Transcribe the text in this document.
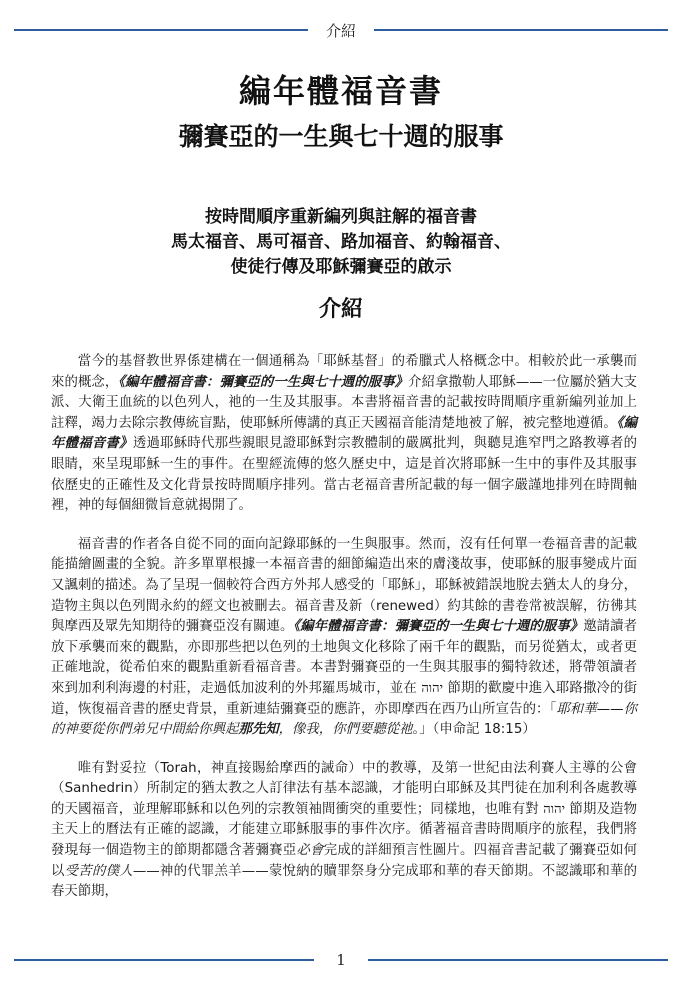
介紹
編年體福音書
彌賽亞的一生與七十週的服事
按時間順序重新編列與註解的福音書
馬太福音、馬可福音、路加福音、約翰福音、
使徒行傳及耶穌彌賽亞的啟示
介紹

當今的基督教世界係建構在一個通稱為「耶穌基督」的希臘式人格概念中。相較於此一承襲而來的概念，《編年體福音書：彌賽亞的一生與七十週的服事》介紹拿撒勒人耶穌——一位屬於猶大支派、大衛王血統的以色列人，祂的一生及其服事。本書將福音書的記載按時間順序重新編列並加上註釋，竭力去除宗教傳統盲點，使耶穌所傳講的真正天國福音能清楚地被了解，被完整地遵循。《編年體福音書》透過耶穌時代那些親眼見證耶穌對宗教體制的嚴厲批判，與聽見進窄門之路教導者的眼睛，來呈現耶穌一生的事件。在聖經流傳的悠久歷史中，這是首次將耶穌一生中的事件及其服事依歷史的正確性及文化背景按時間順序排列。當古老福音書所記載的每一個字嚴謹地排列在時間軸裡，神的每個細微旨意就揭開了。

福音書的作者各自從不同的面向記錄耶穌的一生與服事。然而，沒有任何單一卷福音書的記載能描繪圖畫的全貌。許多單單根據一本福音書的細節編造出來的膚淺故事，使耶穌的服事變成片面又諷刺的描述。為了呈現一個較符合西方外邦人感受的「耶穌」，耶穌被錯誤地脫去猶太人的身分，造物主與以色列間永約的經文也被刪去。福音書及新（renewed）約其餘的書卷常被誤解，彷彿其與摩西及眾先知期待的彌賽亞沒有關連。《編年體福音書：彌賽亞的一生與七十週的服事》邀請讀者放下承襲而來的觀點，亦即那些把以色列的土地與文化移除了兩千年的觀點，而另從猶太，或者更正確地說，從希伯來的觀點重新看福音書。本書對彌賽亞的一生與其服事的獨特敘述，將帶領讀者來到加利利海邊的村莊，走過低加波利的外邦羅馬城市，並在 יהוה 節期的歡慶中進入耶路撒冷的街道，恢復福音書的歷史背景，重新連結彌賽亞的應許，亦即摩西在西乃山所宣告的：「耶和華——你的神要從你們弟兄中間給你興起那先知，像我，你們要聽從祂。」（申命記 18:15）

唯有對妥拉（Torah，神直接賜給摩西的誡命）中的教導，及第一世紀由法利賽人主導的公會（Sanhedrin）所制定的猶太教之人訂律法有基本認識，才能明白耶穌及其門徒在加利利各處教導的天國福音，並理解耶穌和以色列的宗教領袖間衝突的重要性；同樣地，也唯有對 יהוה 節期及造物主天上的曆法有正確的認識，才能建立耶穌服事的事件次序。循著福音書時間順序的旅程，我們將發現每一個造物主的節期都隱含著彌賽亞必會完成的詳細預言性圖片。四福音書記載了彌賽亞如何以受苦的僕人——神的代罪羔羊——蒙悅納的贖罪祭身分完成耶和華的春天節期。不認識耶和華的春天節期，

1
